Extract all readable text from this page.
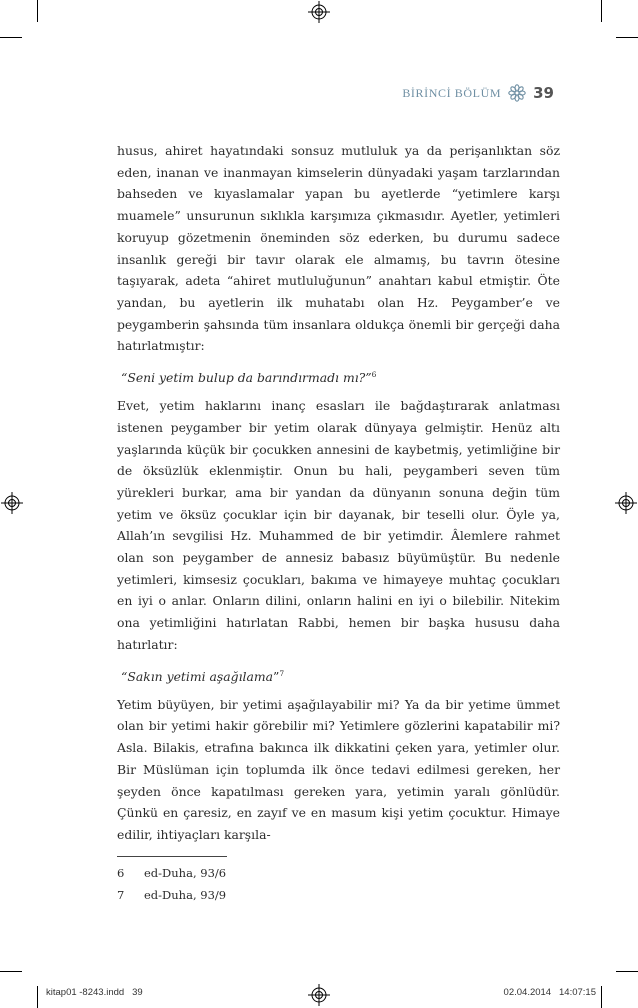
BİRİNCİ BÖLÜM 39

husus, ahiret hayatındaki sonsuz mutluluk ya da perişanlıktan söz eden, inanan ve inanmayan kimselerin dünyadaki yaşam tarzlarından bahseden ve kıyaslamalar yapan bu ayetlerde “yetimlere karşı muamele” unsurunun sıklıkla karşımıza çıkmasıdır. Ayetler, yetimleri koruyup gözetmenin öneminden söz ederken, bu durumu sadece insanlık gereği bir tavır olarak ele almamış, bu tavrın ötesine taşıyarak, adeta “ahiret mutluluğunun” anahtarı kabul etmiştir. Öte yandan, bu ayetlerin ilk muhatabı olan Hz. Peygamber’e ve peygamberin şahsında tüm insanlara oldukça önemli bir gerçeği daha hatırlatmıştır:

“Seni yetim bulup da barındırmadı mı?”$^6$

Evet, yetim haklarını inanç esasları ile bağdaştırarak anlatması istenen peygamber bir yetim olarak dünyaya gelmiştir. Henüz altı yaşlarında küçük bir çocukken annesini de kaybetmiş, yetimliğine bir de öksüzlük eklenmiştir. Onun bu hali, peygamberi seven tüm yürekleri burkar, ama bir yandan da dünyanın sonuna değin tüm yetim ve öksüz çocuklar için bir dayanak, bir teselli olur. Öyle ya, Allah’ın sevgilisi Hz. Muhammed de bir yetimdir. Âlemlere rahmet olan son peygamber de annesiz babasız büyümüştür. Bu nedenle yetimleri, kimsesiz çocukları, bakıma ve himayeye muhtaç çocukları en iyi o anlar. Onların dilini, onların halini en iyi o bilebilir. Nitekim ona yetimliğini hatırlatan Rabbi, hemen bir başka hususu daha hatırlatır:

“Sakın yetimi aşağılama”$^7$

Yetim büyüyen, bir yetimi aşağılayabilir mi? Ya da bir yetime ümmet olan bir yetimi hakir görebilir mi? Yetimlere gözlerini kapatabilir mi? Asla. Bilakis, etrafına bakınca ilk dikkatini çeken yara, yetimler olur. Bir Müslüman için toplumda ilk önce tedavi edilmesi gereken, her şeyden önce kapatılması gereken yara, yetimin yaralı gönlüdür. Çünkü en çaresiz, en zayıf ve en masum kişi yetim çocuktur. Himaye edilir, ihtiyaçları karşıla-

6	ed-Duha, 93/6
7	ed-Duha, 93/9
kitap01 -8243.indd   39	02.04.2014   14:07:15
